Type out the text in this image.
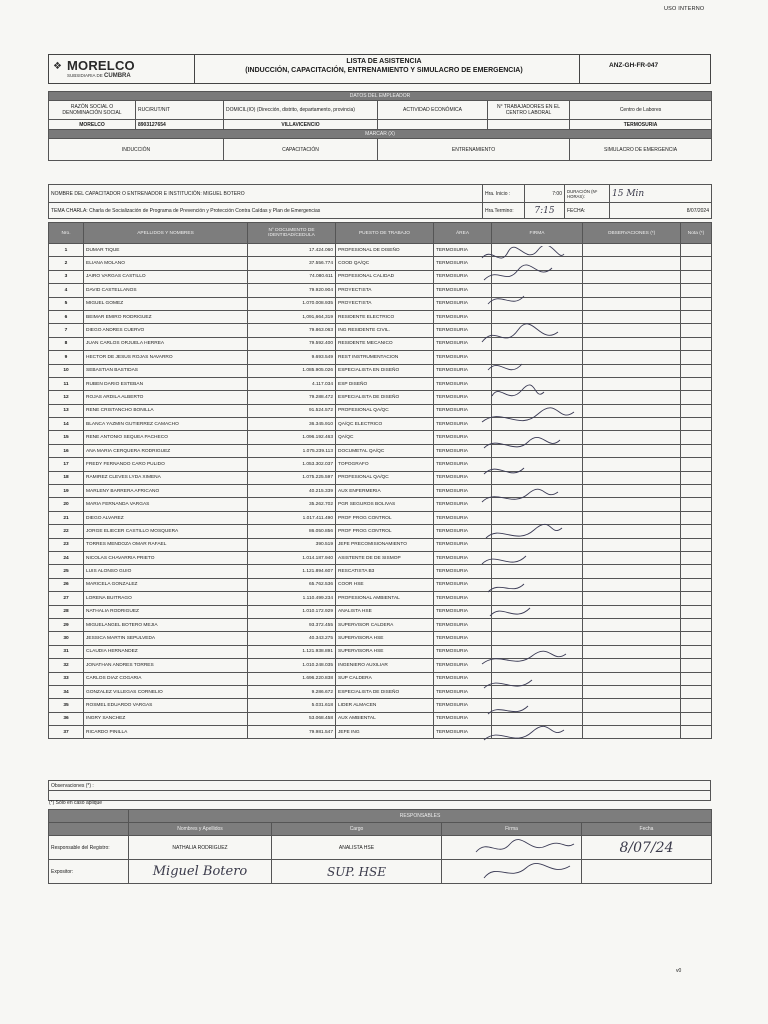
USO INTERNO
❖ MORELCO
SUBSIDIARIA DE CUMBRA
LISTA DE ASISTENCIA
(INDUCCIÓN, CAPACITACIÓN, ENTRENAMIENTO Y SIMULACRO DE EMERGENCIA)
ANZ-GH-FR-047
DATOS DEL EMPLEADOR					
RAZÓN SOCIAL O DENOMINACIÓN SOCIAL	RUC/RUT/NIT	DOMICIL(IO) (Dirección, distrito, departamento, provincia)	ACTIVIDAD ECONÓMICA	N° TRABAJADORES EN EL CENTRO LABORAL	Centro de Labores
MORELCO	8903127654	VILLAVICENCIO			TERMOSURIA
MARCAR (X)					
INDUCCIÓN		CAPACITACIÓN	ENTRENAMIENTO		SIMULACRO DE EMERGENCIA
NOMBRE DEL CAPACITADOR O ENTRENADOR E INSTITUCIÓN: MIGUEL BOTERO	Hra. Inicio :	7:00	DURACIÓN (Nº HORAS):	15 Min
TEMA CHARLA: Charla de Socialización de Programa de Prevención y Protección Contra Caídas y Plan de Emergencias	Hra.Termino:	7:15	FECHA:	8/07/2024
Nro.	APELLIDOS Y NOMBRES	N° DOCUMENTO DE IDENTIDAD/CEDULA	PUESTO DE TRABAJO	ÁREA	FIRMA	OBSERVACIONES (*)	Nota (*)
1	DUMAR TIQUE	17.424.060	PROFESIONAL DE DISEÑO	TERMOSURIA			
2	ELIANA MOLANO	37.556.774	COOD QA/QC	TERMOSURIA			
3	JAIRO VARGAS CASTILLO	74.080.611	PROFESIONAL CALIDAD	TERMOSURIA			
4	DAVID CASTELLANOS	79.920.904	PROYECTISTA	TERMOSURIA			
5	MIGUEL GOMEZ	1.070.008.935	PROYECTISTA	TERMOSURIA			
6	BEIMAR EMIRO RODRIGUEZ	1,091,664,319	RESIDENTE ELECTRICO	TERMOSURIA			
7	DIEGO ANDRES CUERVO	79.863.063	ING RESIDENTE CIVIL.	TERMOSURIA			
8	JUAN CARLOS ORJUELA HERREA	79.592.400	RESIDENTE MECANICO	TERMOSURIA			
9	HECTOR DE JESUS ROJAS NAVARRO	9.693.549	REST INSTRUMENTACION	TERMOSURIA			
10	SEBASTIAN BASTIDAS	1.085.905.026	ESPECIALISTA EN DISEÑO	TERMOSURIA			
11	RUBEN DARIO ESTEBAN	4.117.034	ESP DISEÑO	TERMOSURIA			
12	ROJAS ARDILA ALBERTO	79.288.472	ESPECIALISTA DE DISEÑO	TERMOSURIA			
13	RENE CRISTANCHO BONILLA	91.524.572	PROFESIONAL QA/QC	TERMOSURIA			
14	BLANCA YAZMIN GUTIERREZ CAMACHO	36.345.910	QA/QC ELECTRICO	TERMOSURIA			
15	RENE ANTONIO SEQUEA PACHECO	1.096.192.463	QA/QC	TERMOSURIA			
16	ANA MARIA CERQUERA RODRIGUEZ	1.075.239.113	DOCUMETAL QA/QC	TERMOSURIA			
17	FREDY FERNANDO CARO PULIDO	1.053.302.037	TOPOGRAFO	TERMOSURIA			
18	RAMIREZ CLEVES LYDA XIMENA	1.075.225.597	PROFESIONAL QA/QC	TERMOSURIA			
19	MARLENY BARRERA AFRICANO	40.215.339	AUX ENFERMERIA	TERMOSURIA			
20	MARIA FERNANDA VARGAS	35.262.702	PGR SEGUROS BOLIVAS	TERMOSURIA			
21	DIEGO ALVAREZ	1.017.411.490	PROF PROG CONTROL	TERMOSURIA			
22	JORGE ELIECER CASTILLO MOSQUERA	86.050.856	PROF PROG CONTROL	TERMOSURIA			
23	TORRES MENDOZA OMAR RAFAEL	390.519	JEFE PRECOMISIONAMIENTO	TERMOSURIA			
24	NICOLAS CHAVARRIA PRIETO	1.014.187.940	ASISTENTE DE DE SISMOP	TERMOSURIA			
25	LUIS ALONSO GUIO	1.121.894.607	RESCATISTA B3	TERMOSURIA			
26	MARICELA GONZALEZ	65.762.536	COOR HSE	TERMOSURIA			
27	LORENA BUITRAGO	1.110.499.234	PROFESIONAL AMBIENTAL	TERMOSURIA			
28	NATHALIA RODRIGUEZ	1.010.172.929	ANALISTA HSE	TERMOSURIA			
29	MIGUELANGEL BOTERO MEJIA	93.372.455	SUPERVISOR CALDERA	TERMOSURIA			
30	JESSICA MARTIN SEPULVEDA	40.343.275	SUPERVISORA HSE	TERMOSURIA			
31	CLAUDIA HERNANDEZ	1.121.938.891	SUPERVISORA HSE	TERMOSURIA			
32	JONATHAN ANDRES TORRES	1.010.248.035	INGENIERO AUXILIAR	TERMOSURIA			
33	CARLOS DIAZ COGARIA	1.696.220.838	SUP CALDERA	TERMOSURIA			
34	GONZALEZ VILLEGAS CORNELIO	9.286.672	ESPECIALISTA DE DISEÑO	TERMOSURIA			
35	ROSMEL EDUARDO VARGAS	5.031.618	LIDER ALMACEN	TERMOSURIA			
36	INGRY SANCHEZ	53.068.458	AUX AMBIENTAL	TERMOSURIA			
37	RICARDO PINILLA	79.981.547	JEFE ING	TERMOSURIA			
Observaciones (*) :

(*) Sólo en caso aplique
	RESPONSABLES			
	Nombres y Apellidos	Cargo	Firma	Fecha
Responsable del Registro:	NATHALIA RODRIGUEZ	ANALISTA HSE		8/07/24
Expositor:	Miguel Botero	SUP. HSE		
v0
